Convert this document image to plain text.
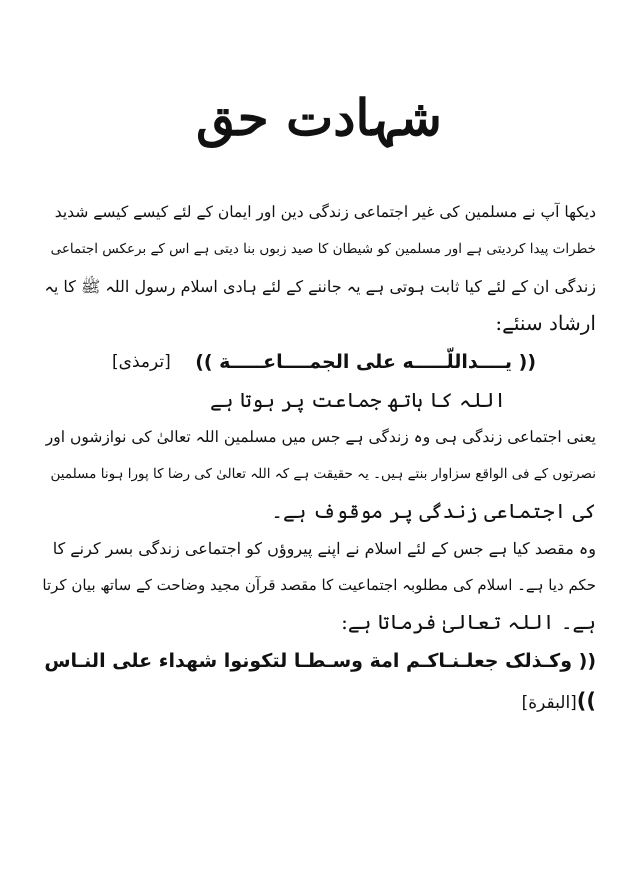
شہادت حق
دیکھا آپ نے مسلمین کی غیر اجتماعی زندگی دین اور ایمان کے لئے کیسے کیسے شدید
خطرات پیدا کردیتی ہے اور مسلمین کو شیطان کا صید زبوں بنا دیتی ہے اس کے برعکس اجتماعی
زندگی ان کے لئے کیا ثابت ہوتی ہے یہ جاننے کے لئے ہادی اسلام رسول اللہ ﷺ کا یہ
ارشاد سنئے:
(( یــــداللّـــــه علی الجمــــاعـــــة ))
[ترمذی]
اللہ کا ہاتھ جماعت پر ہوتا ہے
یعنی اجتماعی زندگی ہی وہ زندگی ہے جس میں مسلمین اللہ تعالیٰ کی نوازشوں اور
نصرتوں کے فی الواقع سزاوار بنتے ہیں۔ یہ حقیقت ہے کہ اللہ تعالیٰ کی رضا کا پورا ہونا مسلمین
کی اجتماعی زندگی پر موقوف ہے۔
وہ مقصد کیا ہے جس کے لئے اسلام نے اپنے پیروؤں کو اجتماعی زندگی بسر کرنے کا
حکم دیا ہے۔ اسلام کی مطلوبہ اجتماعیت کا مقصد قرآن مجید وضاحت کے ساتھ بیان کرتا
ہے۔ اللہ تعالیٰ فرماتا ہے:
(( وکـذلک جعلـنـاکـم امة وسـطـا لتکونوا شهداء علی النـاس
))[البقرة]
